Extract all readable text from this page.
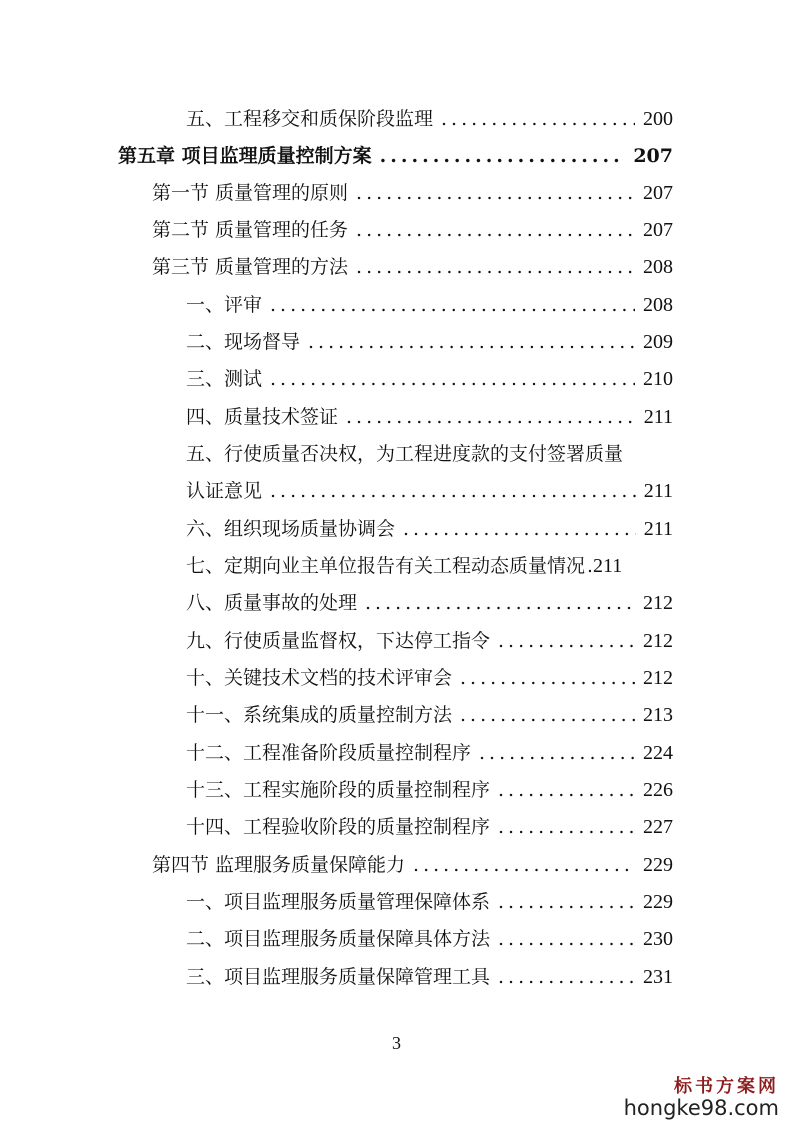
五、工程移交和质保阶段监理 .....	200
第五章 项目监理质量控制方案 .....	207
第一节 质量管理的原则 .....	207
第二节 质量管理的任务 .....	207
第三节 质量管理的方法 .....	208
一、评审 .....	208
二、现场督导 .....	209
三、测试 .....	210
四、质量技术签证 .....	211
五、行使质量否决权，为工程进度款的支付签署质量
认证意见 .....	211
六、组织现场质量协调会 .....	211
七、定期向业主单位报告有关工程动态质量情况 ..... 211
八、质量事故的处理 .....	212
九、行使质量监督权，下达停工指令 .....	212
十、关键技术文档的技术评审会 .....	212
十一、系统集成的质量控制方法 .....	213
十二、工程准备阶段质量控制程序 .....	224
十三、工程实施阶段的质量控制程序 .....	226
十四、工程验收阶段的质量控制程序 .....	227
第四节 监理服务质量保障能力 .....	229
一、项目监理服务质量管理保障体系 .....	229
二、项目监理服务质量保障具体方法 .....	230
三、项目监理服务质量保障管理工具 .....	231
3
标书方案网
hongke98.com
